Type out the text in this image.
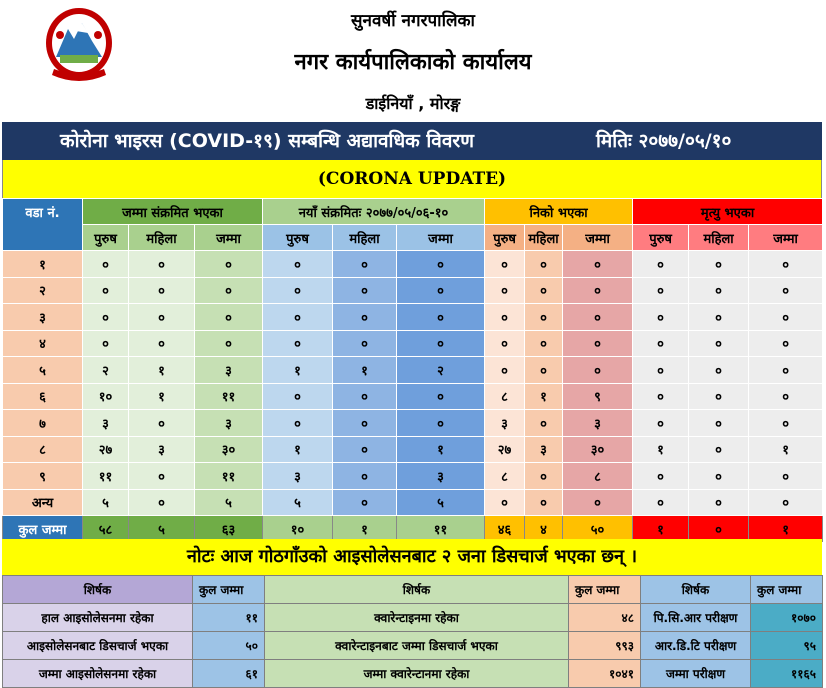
सुनवर्षी नगरपालिका
नगर कार्यपालिकाको कार्यालय
डाईनियाँ , मोरङ्ग
कोरोना भाइरस (COVID-१९) सम्बन्धि अद्यावधिक विवरण	मितिः २०७७/०५/१०
(CORONA UPDATE)
वडा नं.	जम्मा संक्रमित भएका			नयाँ संक्रमितः २०७७/०५/०६-१०			निको भएका			मृत्यु भएका		
	पुरुष	महिला	जम्मा	पुरुष	महिला	जम्मा	पुरुष	महिला	जम्मा	पुरुष	महिला	जम्मा
१	०	०	०	०	०	०	०	०	०	०	०	०
२	०	०	०	०	०	०	०	०	०	०	०	०
३	०	०	०	०	०	०	०	०	०	०	०	०
४	०	०	०	०	०	०	०	०	०	०	०	०
५	२	१	३	१	१	२	०	०	०	०	०	०
६	१०	१	११	०	०	०	८	१	९	०	०	०
७	३	०	३	०	०	०	३	०	३	०	०	०
८	२७	३	३०	१	०	१	२७	३	३०	१	०	१
९	११	०	११	३	०	३	८	०	८	०	०	०
अन्य	५	०	५	५	०	५	०	०	०	०	०	०
कुल जम्मा	५८	५	६३	१०	१	११	४६	४	५०	१	०	१
नोटः आज गोठगाँउको आइसोलेसनबाट २ जना डिसचार्ज भएका छन् ।
शिर्षक	कुल जम्मा	शिर्षक	कुल जम्मा	शिर्षक	कुल जम्मा
हाल आइसोलेसनमा रहेका	११	क्वारेन्टाइनमा रहेका	४८	पि.सि.आर परीक्षण	१०७०
आइसोलेसनबाट डिसचार्ज भएका	५०	क्वारेन्टाइनबाट जम्मा डिसचार्ज भएका	९९३	आर.डि.टि परीक्षण	९५
जम्मा आइसोलेसनमा रहेका	६१	जम्मा क्वारेन्टानमा रहेका	१०४१	जम्मा परीक्षण	११६५
